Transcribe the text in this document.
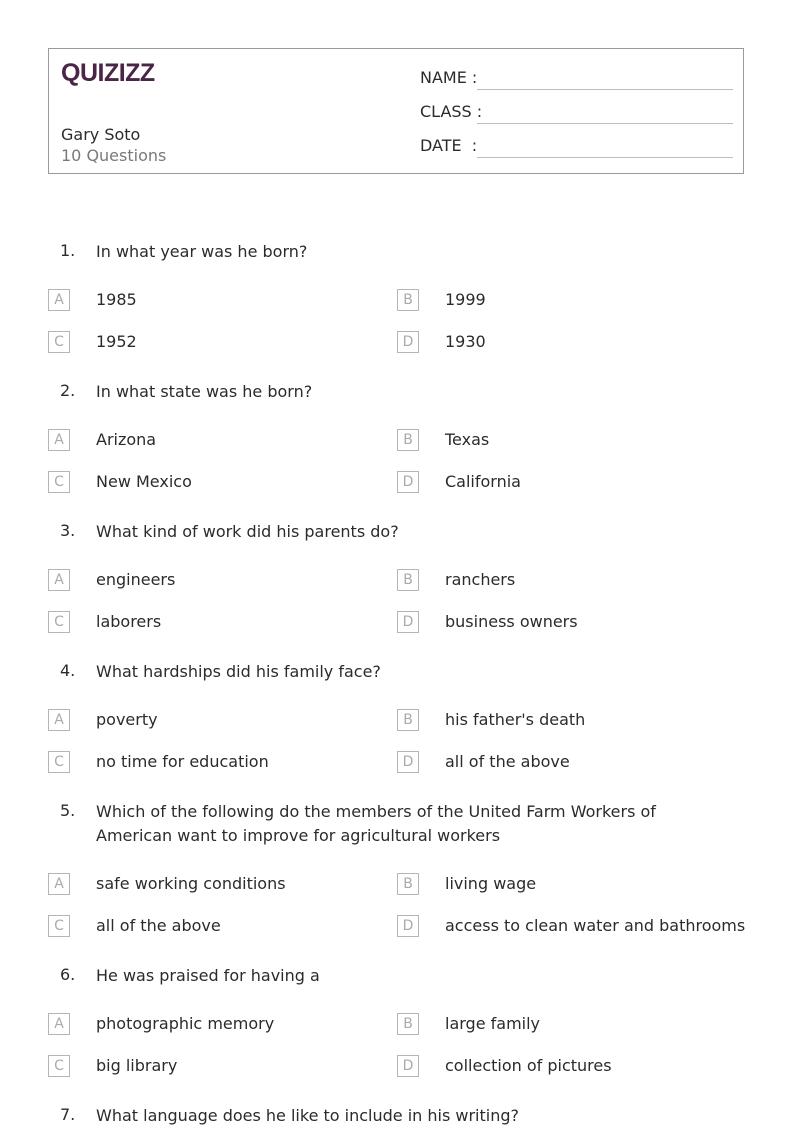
QUIZIZZ
Gary Soto
10 Questions
NAME :
CLASS :
DATE  :
1. In what year was he born?
A	1985	B	1999
C	1952	D	1930
2. In what state was he born?
A	Arizona	B	Texas
C	New Mexico	D	California
3. What kind of work did his parents do?
A	engineers	B	ranchers
C	laborers	D	business owners
4. What hardships did his family face?
A	poverty	B	his father's death
C	no time for education	D	all of the above
5. Which of the following do the members of the United Farm Workers of American want to improve for agricultural workers
A	safe working conditions	B	living wage
C	all of the above	D	access to clean water and bathrooms
6. He was praised for having a
A	photographic memory	B	large family
C	big library	D	collection of pictures
7. What language does he like to include in his writing?
